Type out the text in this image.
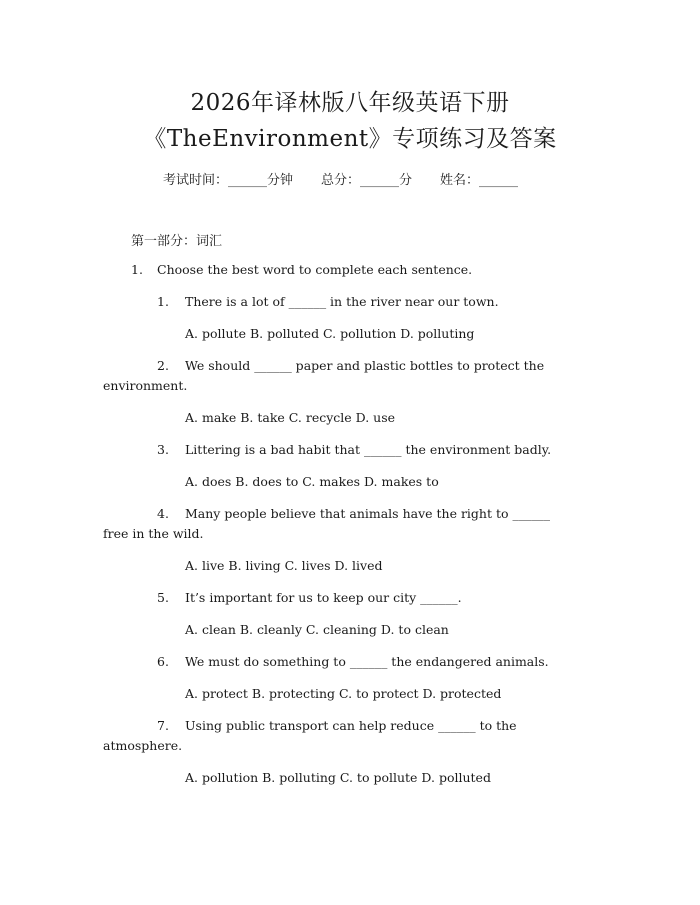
2026年译林版八年级英语下册
《TheEnvironment》专项练习及答案
考试时间：______分钟 总分：______分 姓名：______
第一部分：词汇
1. Choose the best word to complete each sentence.
1. There is a lot of ______ in the river near our town.
A. pollute B. polluted C. pollution D. polluting
2. We should ______ paper and plastic bottles to protect the
environment.
A. make B. take C. recycle D. use
3. Littering is a bad habit that ______ the environment badly.
A. does B. does to C. makes D. makes to
4. Many people believe that animals have the right to ______
free in the wild.
A. live B. living C. lives D. lived
5. It’s important for us to keep our city ______.
A. clean B. cleanly C. cleaning D. to clean
6. We must do something to ______ the endangered animals.
A. protect B. protecting C. to protect D. protected
7. Using public transport can help reduce ______ to the
atmosphere.
A. pollution B. polluting C. to pollute D. polluted
